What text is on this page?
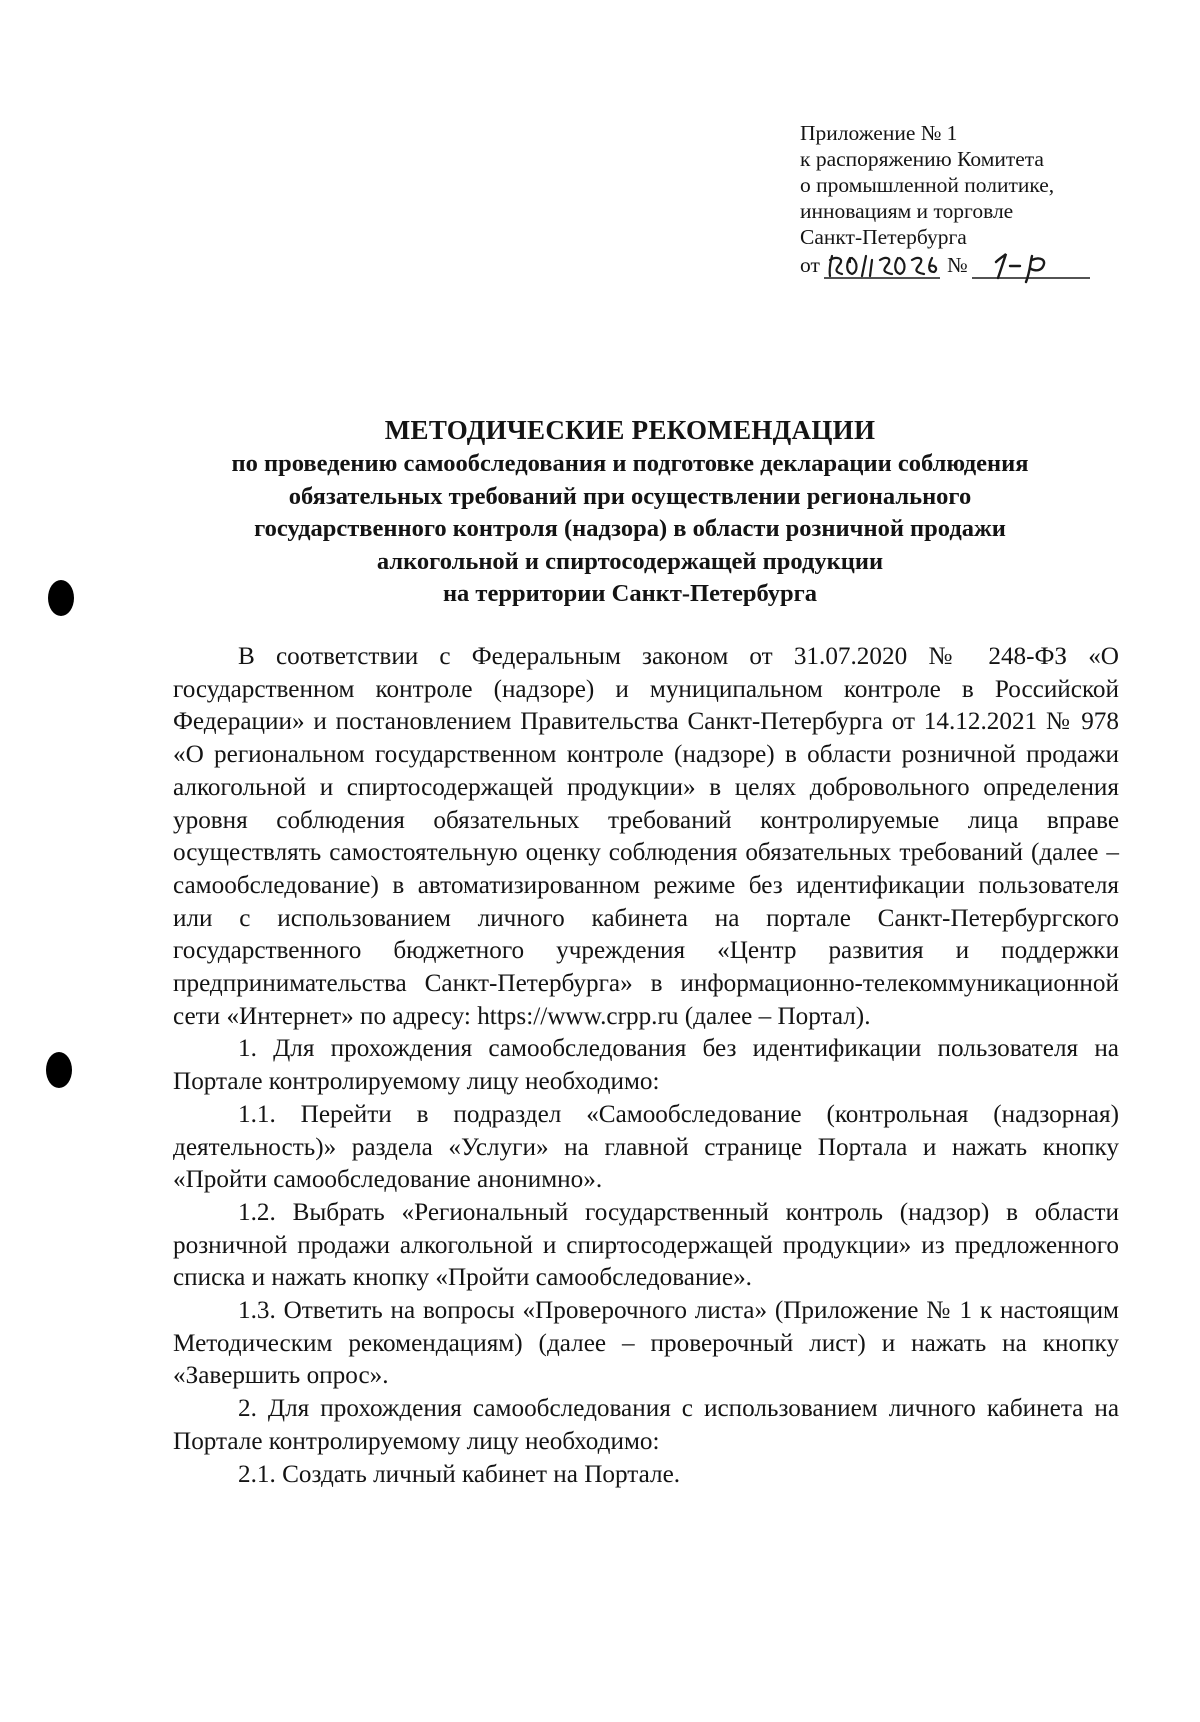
Приложение № 1
к распоряжению Комитета
о промышленной политике,
инновациям и торговле
Санкт-Петербурга
от	№
МЕТОДИЧЕСКИЕ РЕКОМЕНДАЦИИ
по проведению самообследования и подготовке декларации соблюдения
обязательных требований при осуществлении регионального
государственного контроля (надзора) в области розничной продажи
алкогольной и спиртосодержащей продукции
на территории Санкт-Петербурга

В соответствии с Федеральным законом от 31.07.2020 № 248-ФЗ «О государственном контроле (надзоре) и муниципальном контроле в Российской Федерации» и постановлением Правительства Санкт-Петербурга от 14.12.2021 № 978 «О региональном государственном контроле (надзоре) в области розничной продажи алкогольной и спиртосодержащей продукции» в целях добровольного определения уровня соблюдения обязательных требований контролируемые лица вправе осуществлять самостоятельную оценку соблюдения обязательных требований (далее – самообследование) в автоматизированном режиме без идентификации пользователя или с использованием личного кабинета на портале Санкт-Петербургского государственного бюджетного учреждения «Центр развития и поддержки предпринимательства Санкт-Петербурга» в информационно-телекоммуникационной сети «Интернет» по адресу: https://www.crpp.ru (далее – Портал).

1. Для прохождения самообследования без идентификации пользователя на Портале контролируемому лицу необходимо:

1.1. Перейти в подраздел «Самообследование (контрольная (надзорная) деятельность)» раздела «Услуги» на главной странице Портала и нажать кнопку «Пройти самообследование анонимно».

1.2. Выбрать «Региональный государственный контроль (надзор) в области розничной продажи алкогольной и спиртосодержащей продукции» из предложенного списка и нажать кнопку «Пройти самообследование».

1.3. Ответить на вопросы «Проверочного листа» (Приложение № 1 к настоящим Методическим рекомендациям) (далее – проверочный лист) и нажать на кнопку «Завершить опрос».

2. Для прохождения самообследования с использованием личного кабинета на Портале контролируемому лицу необходимо:

2.1. Создать личный кабинет на Портале.
